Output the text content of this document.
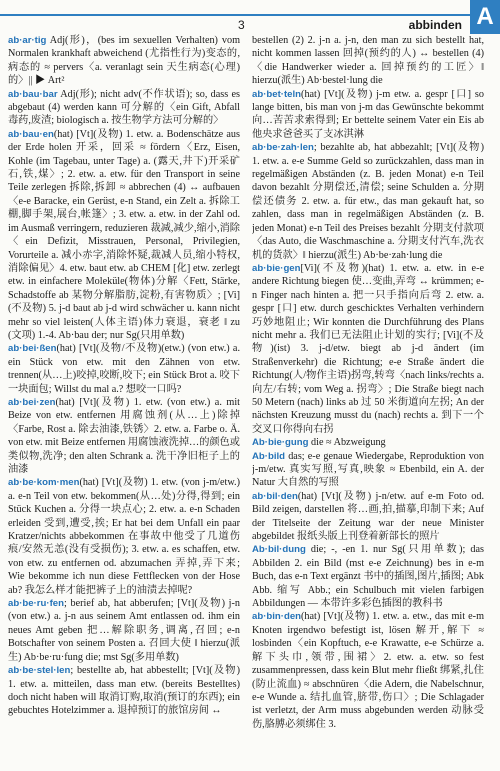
3	abbinden A
ab·ar·tig Adj(形)，(bes im sexuellen Verhalten) vom Normalen krankhaft abweichend (尤指性行为)变态的,病态的 ≈ pervers〈a. veranlagt sein 天生病态(心理)的〉|| ▶ Art²
ab·bau·bar Adj(形); nicht adv(不作状语); so, dass es abgebaut (4) werden kann 可分解的〈ein Gift, Abfall 毒药,废渣; biologisch a. 按生物学方法可分解的〉
ab·bau·en(hat) [Vt](及物) 1. etw. a. Bodenschätze aus der Erde holen 开采，回采 ≈ fördern〈Erz, Eisen, Kohle (im Tagebau, unter Tage) a. (露天,井下)开采矿石,铁,煤〉; 2. etw. a. etw. für den Transport in seine Teile zerlegen 拆除,拆卸 ≈ abbrechen (4) ↔ aufbauen〈e-e Baracke, ein Gerüst, e-n Stand, ein Zelt a. 拆除工棚,脚手架,展台,帐篷〉; 3. etw. a. etw. in der Zahl od. im Ausmaß verringern, reduzieren 裁减,减少,缩小,消除〈ein Defizit, Misstrauen, Personal, Privilegien, Vorurteile a. 减小赤字,消除怀疑,裁减人员,缩小特权,消除偏见〉4. etw. baut etw. ab CHEM [化] etw. zerlegt etw. in einfachere Moleküle(物体)分解〈Fett, Stärke, Schadstoffe ab 某物分解脂肪,淀粉,有害物质〉; [Vi](不及物) 5. j-d baut ab j-d wird schwächer u. kann nicht mehr so viel leisten(人体主语)体力衰退，衰老 ‖ zu (文项) 1.-4. Ab·bau der; nur Sg(只用单数)
ab·bei·ßen(hat) [Vt](及物/不及物)(etw.) (von etw.) a. ein Stück von etw. mit den Zähnen von etw. trennen(从…上)咬掉,咬断,咬下; ein Stück Brot a. 咬下一块面包; Willst du mal a.? 想咬一口吗?
ab·bei·zen(hat) [Vt](及物) 1. etw. (von etw.) a. mit Beize von etw. entfernen 用腐蚀剂(从…上)除掉〈Farbe, Rost a. 除去油漆,铁锈〉2. etw. a. Farbe o. Ä. von etw. mit Beize entfernen 用腐蚀液洗掉…的颜色或类似物,洗净; den alten Schrank a. 洗干净旧柜子上的油漆
ab·be·kom·men(hat) [Vt](及物) 1. etw. (von j-m/etw.) a. e-n Teil von etw. bekommen(从…处)分得,得到; ein Stück Kuchen a. 分得一块点心; 2. etw. a. e-n Schaden erleiden 受到,遭受,挨; Er hat bei dem Unfall ein paar Kratzer/nichts abbekommen 在事故中他受了几道伤痕/安然无恙(没有受损伤); 3. etw. a. es schaffen, etw. von etw. zu entfernen od. abzumachen 弄掉,弄下来; Wie bekomme ich nun diese Fettflecken von der Hose ab? 我怎么样才能把裤子上的油渍去掉呢?
ab·be·ru·fen; berief ab, hat abberufen; [Vt](及物) j-n (von etw.) a. j-n aus seinem Amt entlassen od. ihm ein neues Amt geben 把…解除职务,调离,召回; e-n Botschafter von seinem Posten a. 召回大使 ‖ hierzu(派生) Ab·be·ru·fung die; mst Sg(多用单数)
ab·be·stel·len; bestellte ab, hat abbestellt; [Vt](及物) 1. etw. a. mitteilen, dass man etw. (bereits Bestelltes) doch nicht haben will 取消订购,取消(预订的东西); ein gebuchtes Hotelzimmer a. 退掉预订的旅馆房间 ↔
bestellen (2) 2. j-n a. j-n, den man zu sich bestellt hat, nicht kommen lassen 回掉(预约的人) ↔ bestellen (4)〈die Handwerker wieder a. 回掉预约的工匠〉‖ hierzu(派生) Ab·bestel·lung die
ab·bet·teln(hat) [Vt](及物) j-m etw. a. gespr [口] so lange bitten, bis man von j-m das Gewünschte bekommt 向…苦苦求索得到; Er bettelte seinem Vater ein Eis ab 他央求爸爸买了支冰淇淋
ab·be·zah·len; bezahlte ab, hat abbezahlt; [Vt](及物) 1. etw. a. e-e Summe Geld so zurückzahlen, dass man in regelmäßigen Abständen (z. B. jeden Monat) e-n Teil davon bezahlt 分期偿还,清偿; seine Schulden a. 分期偿还债务 2. etw. a. für etw., das man gekauft hat, so zahlen, dass man in regelmäßigen Abständen (z. B. jeden Monat) e-n Teil des Preises bezahlt 分期支付款项〈das Auto, die Waschmaschine a. 分期支付汽车,洗衣机的货款〉‖ hierzu(派生) Ab·be·zah·lung die
ab·bie·gen[Vi](不及物)(hat) 1. etw. a. etw. in e-e andere Richtung biegen 使…变曲,弄弯 ↔ krümmen; e-n Finger nach hinten a. 把一只手指向后弯 2. etw. a. gespr [口] etw. durch geschicktes Verhalten verhindern 巧妙地阻止; Wir konnten die Durchführung des Plans nicht mehr a. 我们已无法阻止计划的实行; [Vi](不及物)(ist) 3. j-d/etw. biegt ab j-d ändert (im Straßenverkehr) die Richtung; e-e Straße ändert die Richtung(人/物作主语)拐弯,转弯〈nach links/rechts a. 向左/右转; vom Weg a. 拐弯〉; Die Straße biegt nach 50 Metern (nach) links ab 过 50 米街道向左拐; An der nächsten Kreuzung musst du (nach) rechts a. 到下一个交叉口你得向右拐
Ab·bie·gung die ≈ Abzweigung
Ab·bild das; e-e genaue Wiedergabe, Reproduktion von j-m/etw. 真实写照,写真,映象 ≈ Ebenbild, ein A. der Natur 大自然的写照
ab·bil·den(hat) [Vt](及物) j-n/etw. auf e-m Foto od. Bild zeigen, darstellen 将…画,拍,描摹,印制下来; Auf der Titelseite der Zeitung war der neue Minister abgebildet 报纸头版上刊登着新部长的照片
Ab·bil·dung die; -, -en 1. nur Sg(只用单数); das Abbilden 2. ein Bild (mst e-e Zeichnung) bes in e-m Buch, das e-n Text ergänzt 书中的插图,图片,插图; Abk Abb. 缩写 Abb.; ein Schulbuch mit vielen farbigen Abbildungen — 本带许多彩色插图的教科书
ab·bin·den(hat) [Vt](及物) 1. etw. a. etw., das mit e-m Knoten irgendwo befestigt ist, lösen 解开,解下 ≈ losbinden〈ein Kopftuch, e-e Krawatte, e-e Schürze a. 解下头巾,领带,围裙〉2. etw. a. etw. so fest zusammenpressen, dass kein Blut mehr fließt 绑紧,扎住(防止流血) ≈ abschnüren〈die Adern, die Nabelschnur, e-e Wunde a. 结扎血管,脐带,伤口〉; Die Schlagader ist verletzt, der Arm muss abgebunden werden 动脉受伤,胳膊必须绑住 3.
